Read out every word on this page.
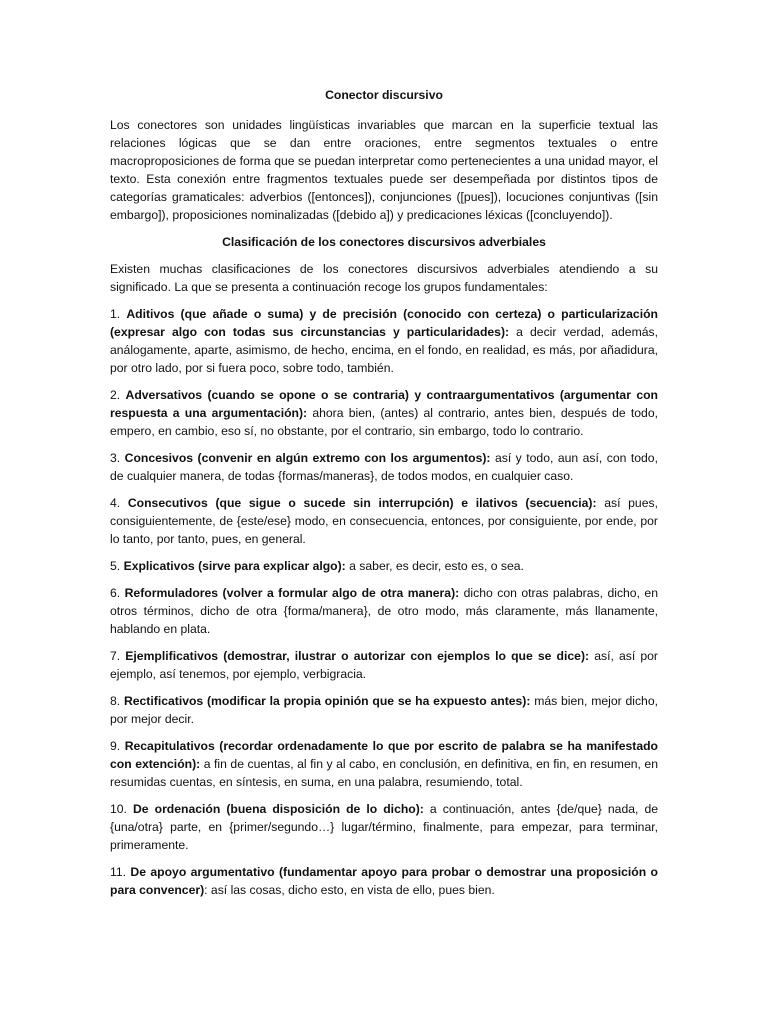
Conector discursivo

Los conectores son unidades lingüísticas invariables que marcan en la superficie textual las relaciones lógicas que se dan entre oraciones, entre segmentos textuales o entre macroproposiciones de forma que se puedan interpretar como pertenecientes a una unidad mayor, el texto. Esta conexión entre fragmentos textuales puede ser desempeñada por distintos tipos de categorías gramaticales: adverbios ([entonces]), conjunciones ([pues]), locuciones conjuntivas ([sin embargo]), proposiciones nominalizadas ([debido a]) y predicaciones léxicas ([concluyendo]).

Clasificación de los conectores discursivos adverbiales

Existen muchas clasificaciones de los conectores discursivos adverbiales atendiendo a su significado. La que se presenta a continuación recoge los grupos fundamentales:

1. Aditivos (que añade o suma) y de precisión (conocido con certeza) o particularización (expresar algo con todas sus circunstancias y particularidades): a decir verdad, además, análogamente, aparte, asimismo, de hecho, encima, en el fondo, en realidad, es más, por añadidura, por otro lado, por si fuera poco, sobre todo, también.
2. Adversativos (cuando se opone o se contraria) y contraargumentativos (argumentar con respuesta a una argumentación): ahora bien, (antes) al contrario, antes bien, después de todo, empero, en cambio, eso sí, no obstante, por el contrario, sin embargo, todo lo contrario.
3. Concesivos (convenir en algún extremo con los argumentos): así y todo, aun así, con todo, de cualquier manera, de todas {formas/maneras}, de todos modos, en cualquier caso.
4. Consecutivos (que sigue o sucede sin interrupción) e ilativos (secuencia): así pues, consiguientemente, de {este/ese} modo, en consecuencia, entonces, por consiguiente, por ende, por lo tanto, por tanto, pues, en general.
5. Explicativos (sirve para explicar algo): a saber, es decir, esto es, o sea.
6. Reformuladores (volver a formular algo de otra manera): dicho con otras palabras, dicho, en otros términos, dicho de otra {forma/manera}, de otro modo, más claramente, más llanamente, hablando en plata.
7. Ejemplificativos (demostrar, ilustrar o autorizar con ejemplos lo que se dice): así, así por ejemplo, así tenemos, por ejemplo, verbigracia.
8. Rectificativos (modificar la propia opinión que se ha expuesto antes): más bien, mejor dicho, por mejor decir.
9. Recapitulativos (recordar ordenadamente lo que por escrito de palabra se ha manifestado con extención): a fin de cuentas, al fin y al cabo, en conclusión, en definitiva, en fin, en resumen, en resumidas cuentas, en síntesis, en suma, en una palabra, resumiendo, total.
10. De ordenación (buena disposición de lo dicho): a continuación, antes {de/que} nada, de {una/otra} parte, en {primer/segundo…} lugar/término, finalmente, para empezar, para terminar, primeramente.
11. De apoyo argumentativo (fundamentar apoyo para probar o demostrar una proposición o para convencer): así las cosas, dicho esto, en vista de ello, pues bien.
